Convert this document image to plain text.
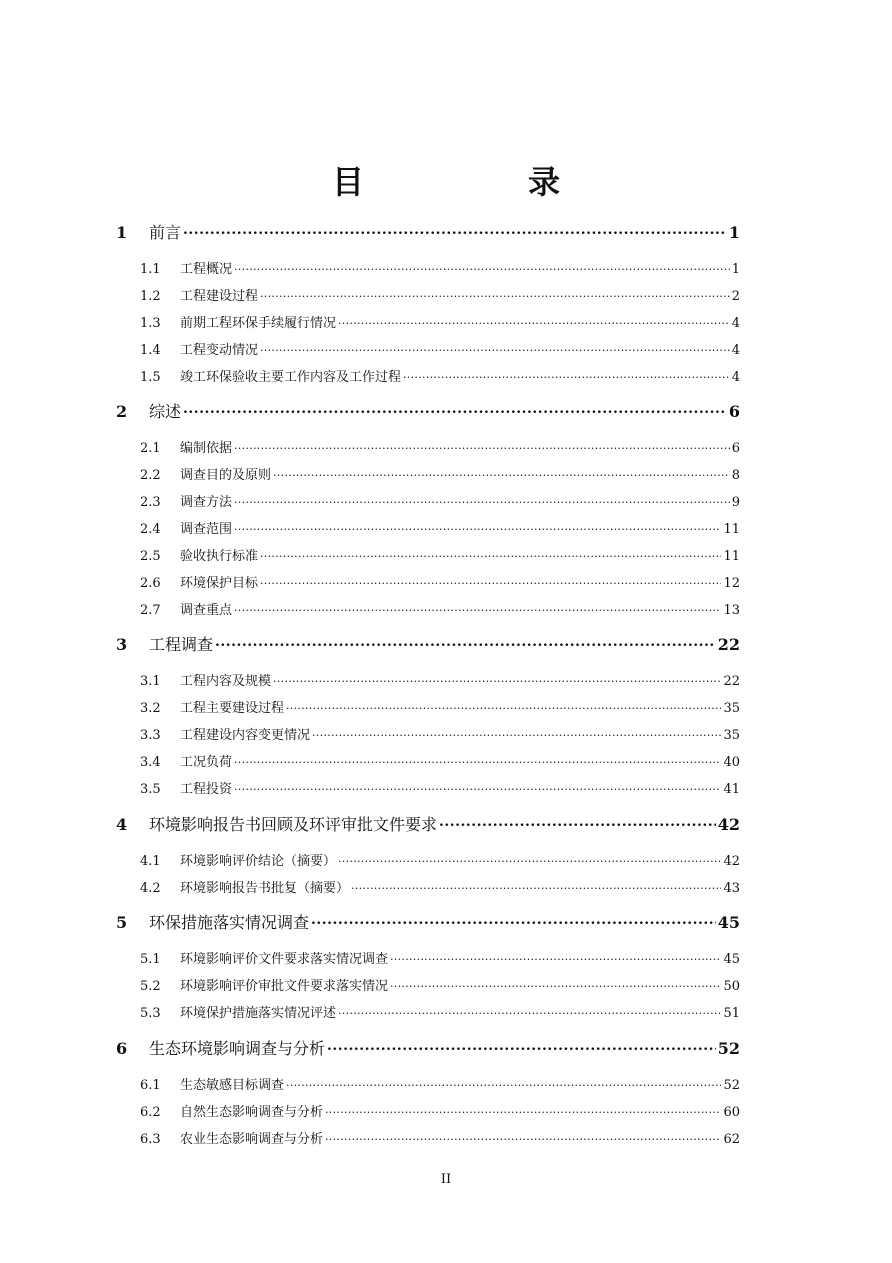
目　录
1	前言 .....	1
1.1	工程概况 .....	1
1.2	工程建设过程 .....	2
1.3	前期工程环保手续履行情况 .....	4
1.4	工程变动情况 .....	4
1.5	竣工环保验收主要工作内容及工作过程 .....	4
2	综述 .....	6
2.1	编制依据 .....	6
2.2	调查目的及原则 .....	8
2.3	调查方法 .....	9
2.4	调查范围 .....	11
2.5	验收执行标准 .....	11
2.6	环境保护目标 .....	12
2.7	调查重点 .....	13
3	工程调查 .....	22
3.1	工程内容及规模 .....	22
3.2	工程主要建设过程 .....	35
3.3	工程建设内容变更情况 .....	35
3.4	工况负荷 .....	40
3.5	工程投资 .....	41
4	环境影响报告书回顾及环评审批文件要求 .....	42
4.1	环境影响评价结论（摘要） .....	42
4.2	环境影响报告书批复（摘要） .....	43
5	环保措施落实情况调查 .....	45
5.1	环境影响评价文件要求落实情况调查 .....	45
5.2	环境影响评价审批文件要求落实情况 .....	50
5.3	环境保护措施落实情况评述 .....	51
6	生态环境影响调查与分析 .....	52
6.1	生态敏感目标调查 .....	52
6.2	自然生态影响调查与分析 .....	60
6.3	农业生态影响调查与分析 .....	62
II
